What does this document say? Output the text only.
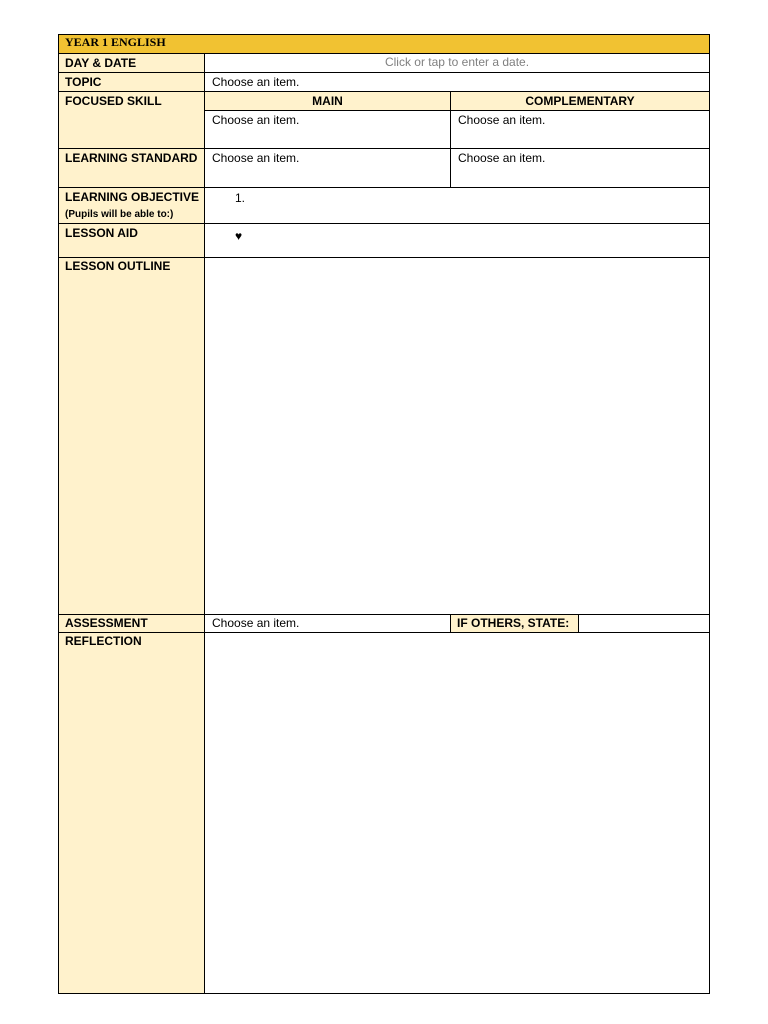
YEAR 1 ENGLISH			
DAY & DATE	Click or tap to enter a date.		
TOPIC	Choose an item.		
FOCUSED SKILL	MAIN	COMPLEMENTARY	
	Choose an item.	Choose an item.	
LEARNING STANDARD	Choose an item.	Choose an item.	
LEARNING OBJECTIVE
(Pupils will be able to:)	1.		
LESSON AID	♥		
LESSON OUTLINE			
ASSESSMENT	Choose an item.	IF OTHERS, STATE:	
REFLECTION			
